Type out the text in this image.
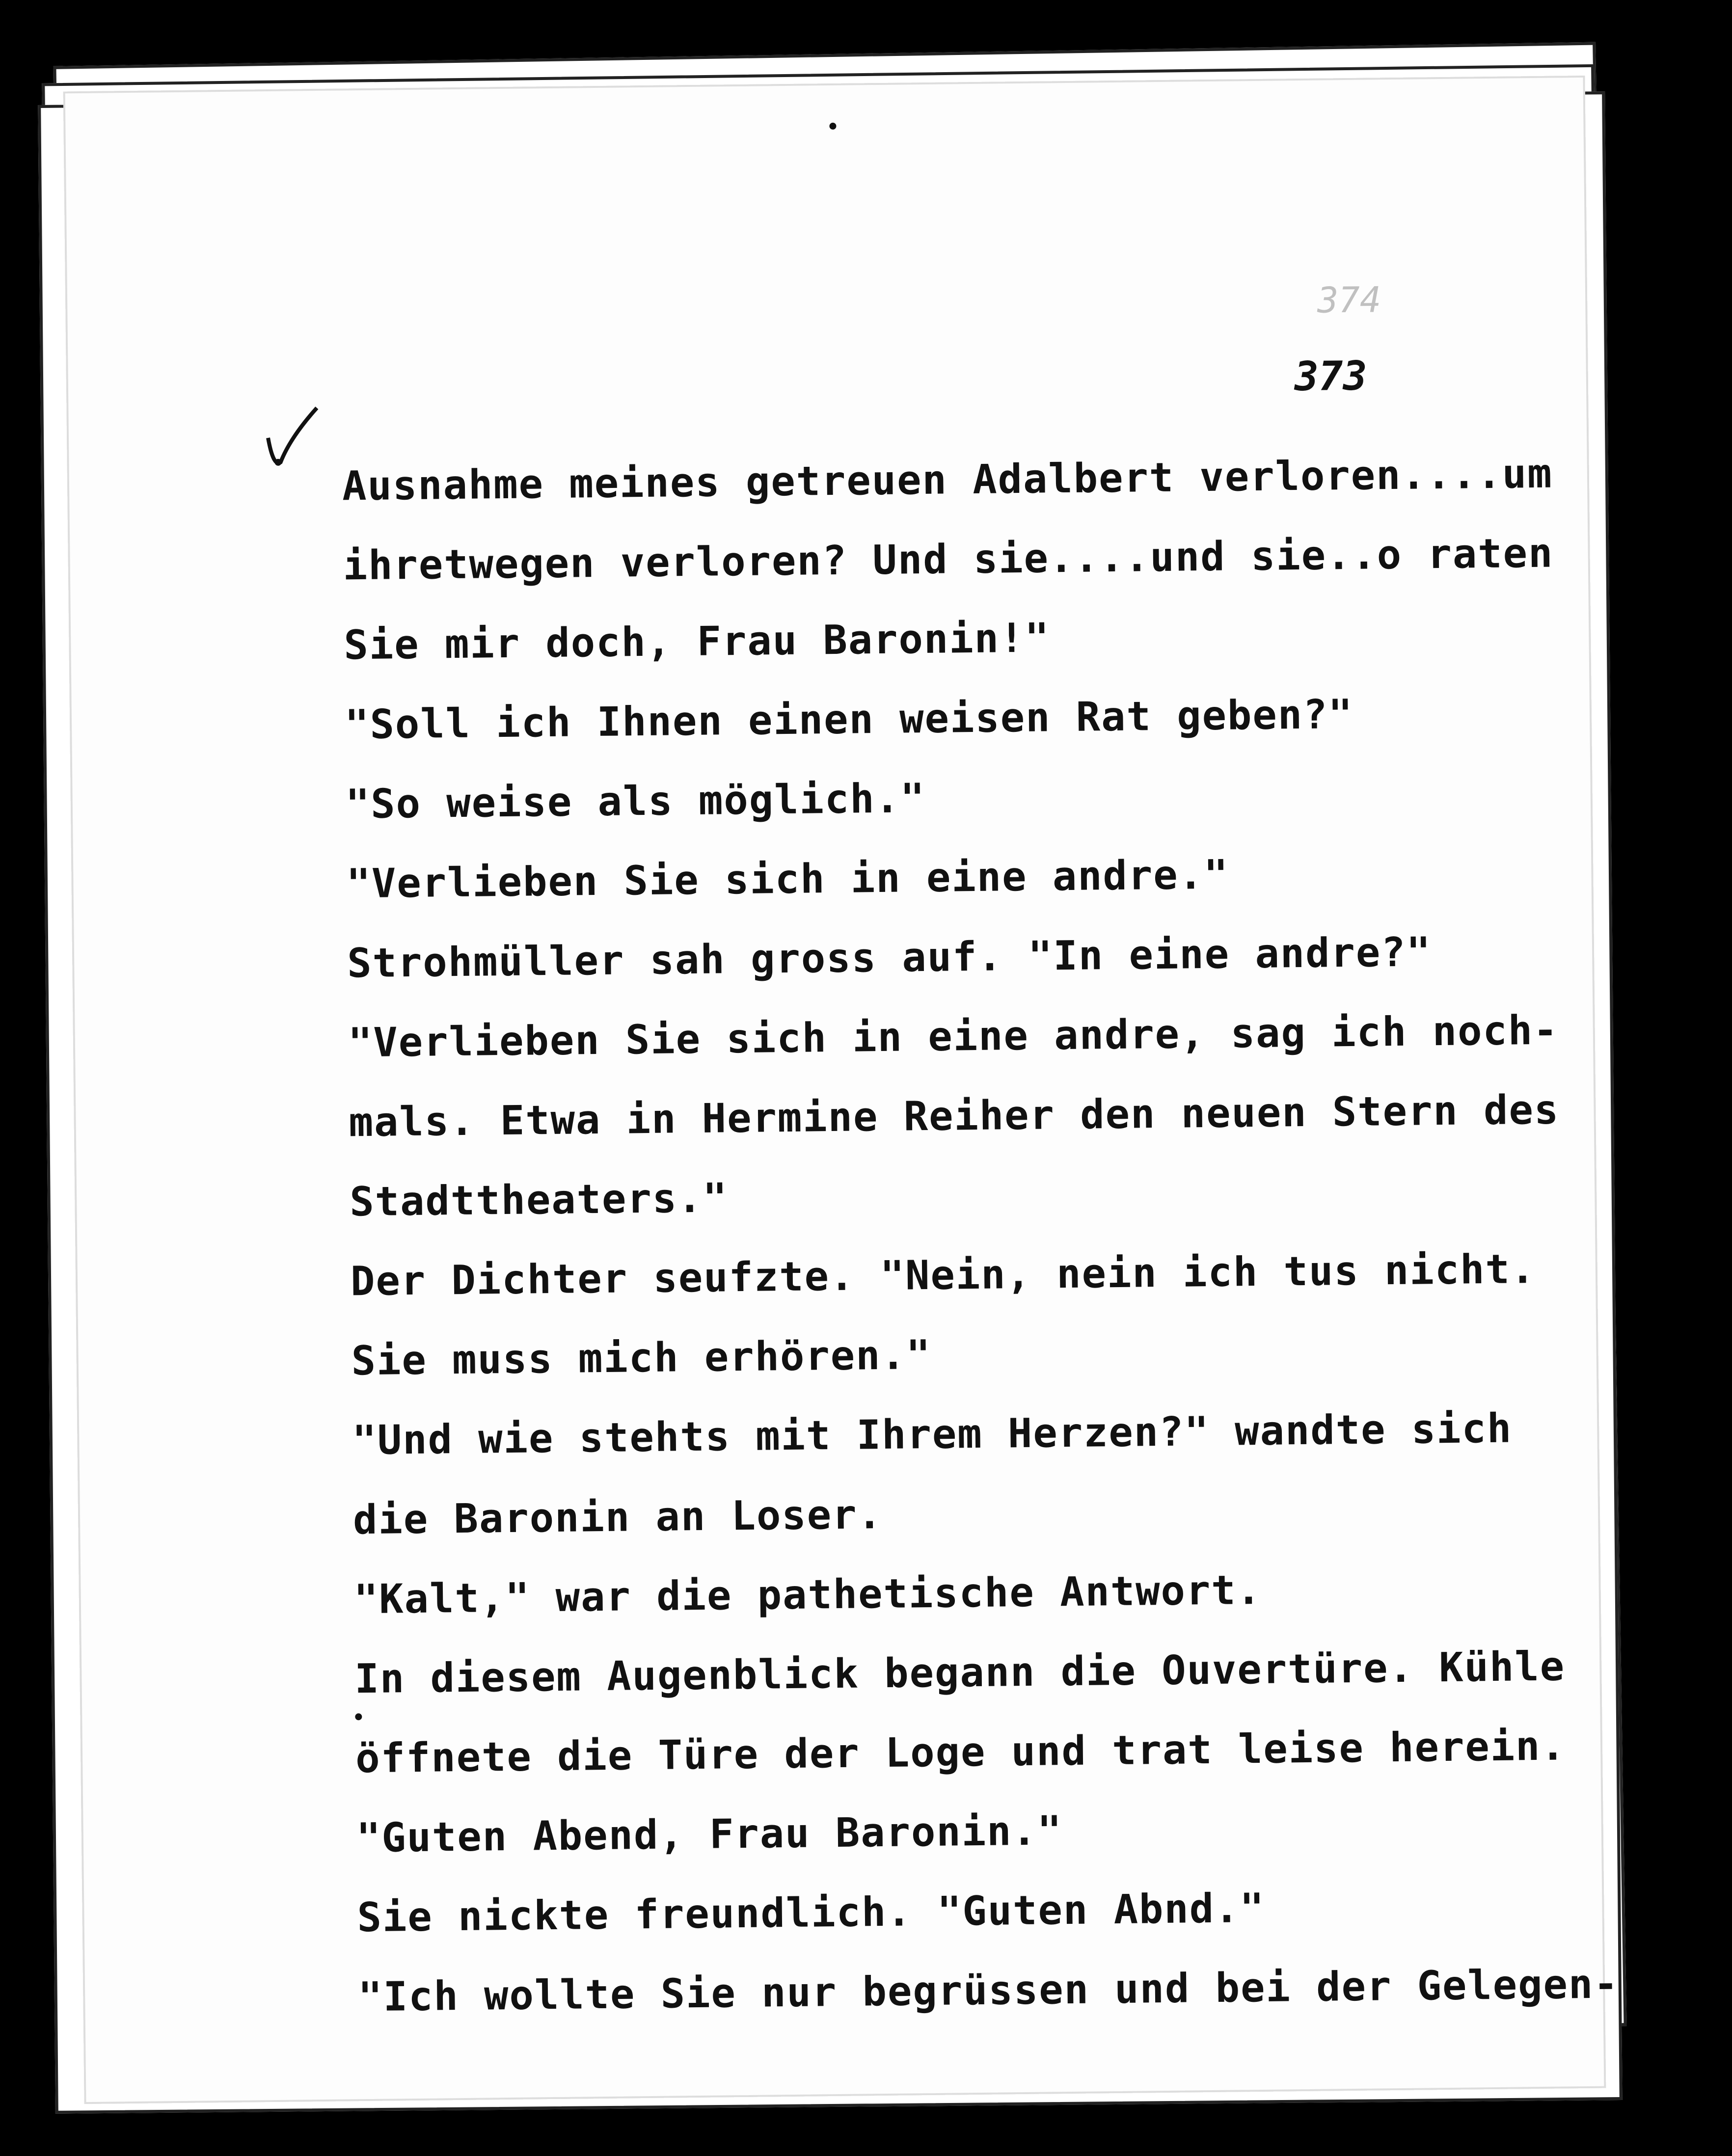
374
373
Ausnahme meines getreuen Adalbert verloren....um
ihretwegen verloren? Und sie....und sie..o raten
Sie mir doch, Frau Baronin!"
"Soll ich Ihnen einen weisen Rat geben?"
"So weise als möglich."
"Verlieben Sie sich in eine andre."
Strohmüller sah gross auf. "In eine andre?"
"Verlieben Sie sich in eine andre, sag ich noch-
mals. Etwa in Hermine Reiher den neuen Stern des
Stadttheaters."
Der Dichter seufzte. "Nein, nein ich tus nicht.
Sie muss mich erhören."
"Und wie stehts mit Ihrem Herzen?" wandte sich
die Baronin an Loser.
"Kalt," war die pathetische Antwort.
In diesem Augenblick begann die Ouvertüre. Kühle
öffnete die Türe der Loge und trat leise herein.
"Guten Abend, Frau Baronin."
Sie nickte freundlich. "Guten Abnd."
"Ich wollte Sie nur begrüssen und bei der Gelegen-
